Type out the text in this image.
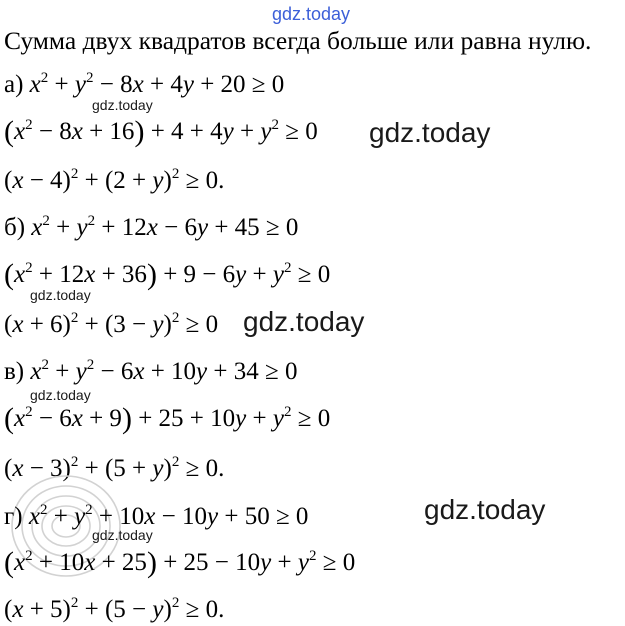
gdz.today
Сумма двух квадратов всегда больше или равна нулю.
а) $x^2 + y^2 - 8x + 4y + 20 \ge 0$
gdz.today
$(x^2 - 8x + 16) + 4 + 4y + y^2 \ge 0$ gdz.today
$(x - 4)^2 + (2 + y)^2 \ge 0$.
б) $x^2 + y^2 + 12x - 6y + 45 \ge 0$
$(x^2 + 12x + 36) + 9 - 6y + y^2 \ge 0$
gdz.today
$(x + 6)^2 + (3 - y)^2 \ge 0$ gdz.today
в) $x^2 + y^2 - 6x + 10y + 34 \ge 0$
gdz.today
$(x^2 - 6x + 9) + 25 + 10y + y^2 \ge 0$
$(x - 3)^2 + (5 + y)^2 \ge 0$.
gdz.today
г) $x^2 + y^2 + 10x - 10y + 50 \ge 0$
gdz.today
$(x^2 + 10x + 25) + 25 - 10y + y^2 \ge 0$
$(x + 5)^2 + (5 - y)^2 \ge 0$.
